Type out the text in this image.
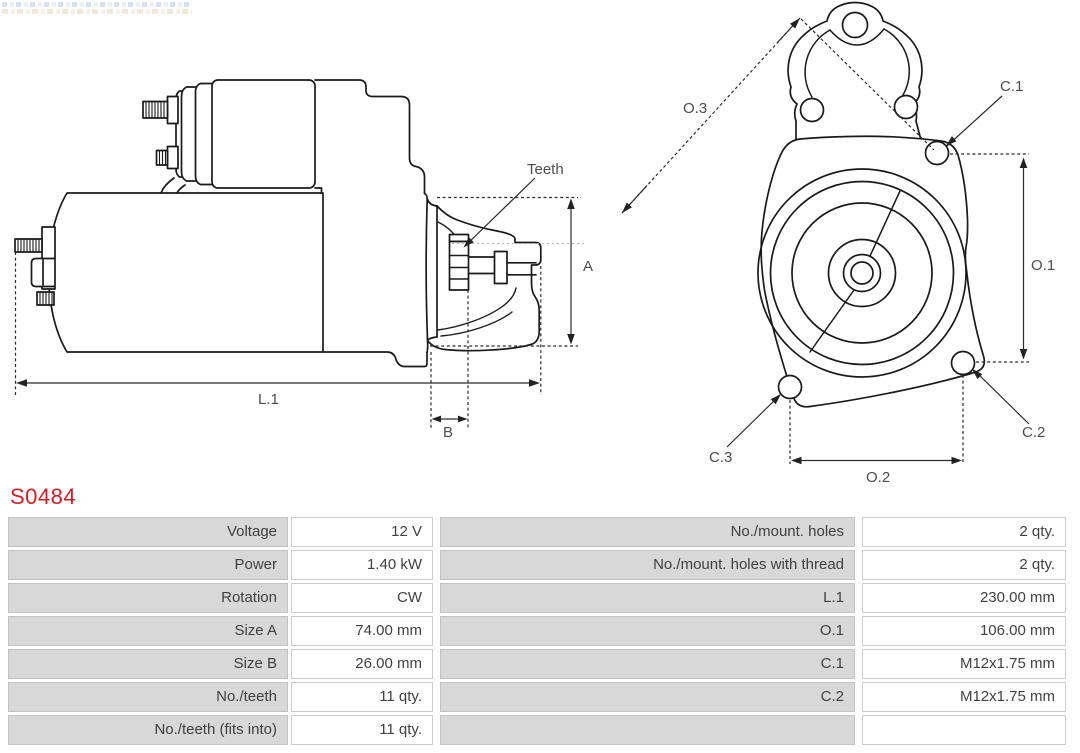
Teeth
A
L.1
B
O.3
C.1
O.1
C.2
C.3
O.2
S0484
Voltage	12 V	No./mount. holes	2 qty.
Power	1.40 kW	No./mount. holes with thread	2 qty.
Rotation	CW	L.1	230.00 mm
Size A	74.00 mm	O.1	106.00 mm
Size B	26.00 mm	C.1	M12x1.75 mm
No./teeth	11 qty.	C.2	M12x1.75 mm
No./teeth (fits into)	11 qty.
